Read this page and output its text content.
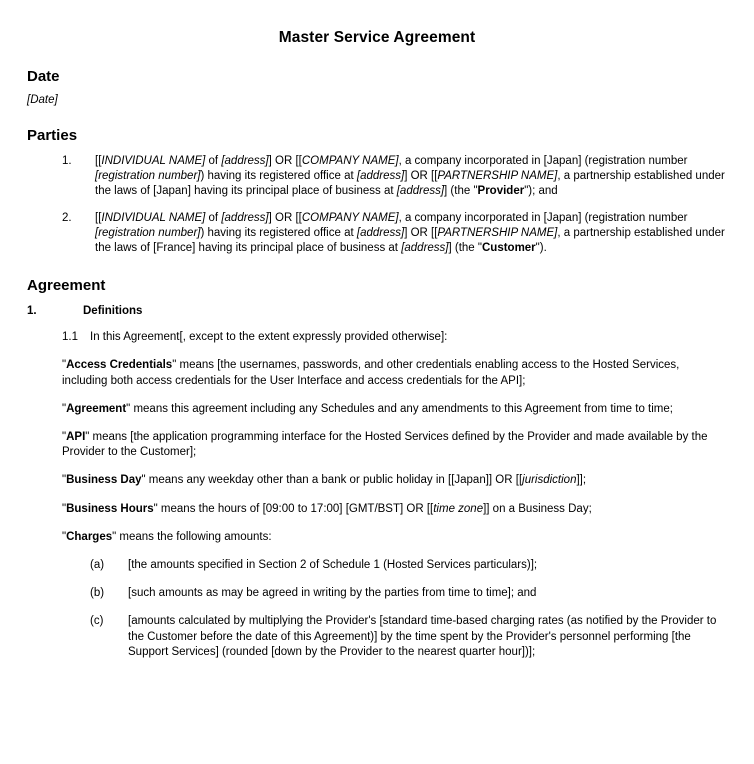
Master Service Agreement
Date

[Date]

Parties
1. [[INDIVIDUAL NAME] of [address]] OR [[COMPANY NAME], a company incorporated in [Japan] (registration number [registration number]) having its registered office at [address]] OR [[PARTNERSHIP NAME], a partnership established under the laws of [Japan] having its principal place of business at [address]] (the "Provider"); and
2. [[INDIVIDUAL NAME] of [address]] OR [[COMPANY NAME], a company incorporated in [Japan] (registration number [registration number]) having its registered office at [address]] OR [[PARTNERSHIP NAME], a partnership established under the laws of [France] having its principal place of business at [address]] (the "Customer").
Agreement
1.	Definitions

1.1 In this Agreement[, except to the extent expressly provided otherwise]:

"Access Credentials" means [the usernames, passwords, and other credentials enabling access to the Hosted Services, including both access credentials for the User Interface and access credentials for the API];

"Agreement" means this agreement including any Schedules and any amendments to this Agreement from time to time;

"API" means [the application programming interface for the Hosted Services defined by the Provider and made available by the Provider to the Customer];

"Business Day" means any weekday other than a bank or public holiday in [[Japan]] OR [[jurisdiction]];

"Business Hours" means the hours of [09:00 to 17:00] [GMT/BST] OR [[time zone]] on a Business Day;

"Charges" means the following amounts:

(a) [the amounts specified in Section 2 of Schedule 1 (Hosted Services particulars)];

(b) [such amounts as may be agreed in writing by the parties from time to time]; and

(c) [amounts calculated by multiplying the Provider's [standard time-based charging rates (as notified by the Provider to the Customer before the date of this Agreement)] by the time spent by the Provider's personnel performing [the Support Services] (rounded [down by the Provider to the nearest quarter hour])];
